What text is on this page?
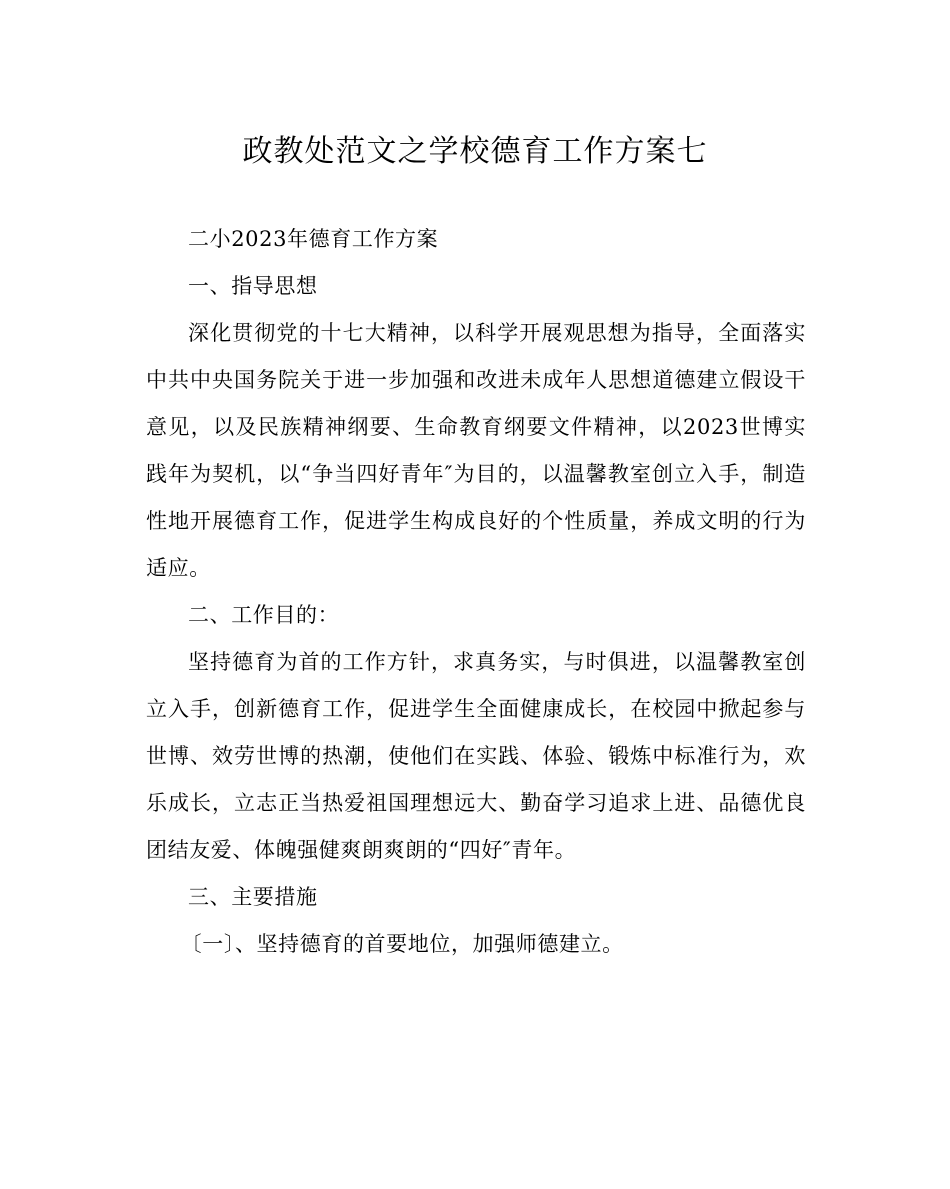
政教处范文之学校德育工作方案七

二小2023年德育工作方案

一、指导思想

深化贯彻党的十七大精神，以科学开展观思想为指导，全面落实中共中央国务院关于进一步加强和改进未成年人思想道德建立假设干意见，以及民族精神纲要、生命教育纲要文件精神，以2023世博实践年为契机，以“争当四好青年″为目的，以温馨教室创立入手，制造性地开展德育工作，促进学生构成良好的个性质量，养成文明的行为适应。

二、工作目的：

坚持德育为首的工作方针，求真务实，与时俱进，以温馨教室创立入手，创新德育工作，促进学生全面健康成长，在校园中掀起参与世博、效劳世博的热潮，使他们在实践、体验、锻炼中标准行为，欢乐成长，立志正当热爱祖国理想远大、勤奋学习追求上进、品德优良团结友爱、体魄强健爽朗爽朗的“四好″青年。

三、主要措施

〔一〕、坚持德育的首要地位，加强师德建立。
